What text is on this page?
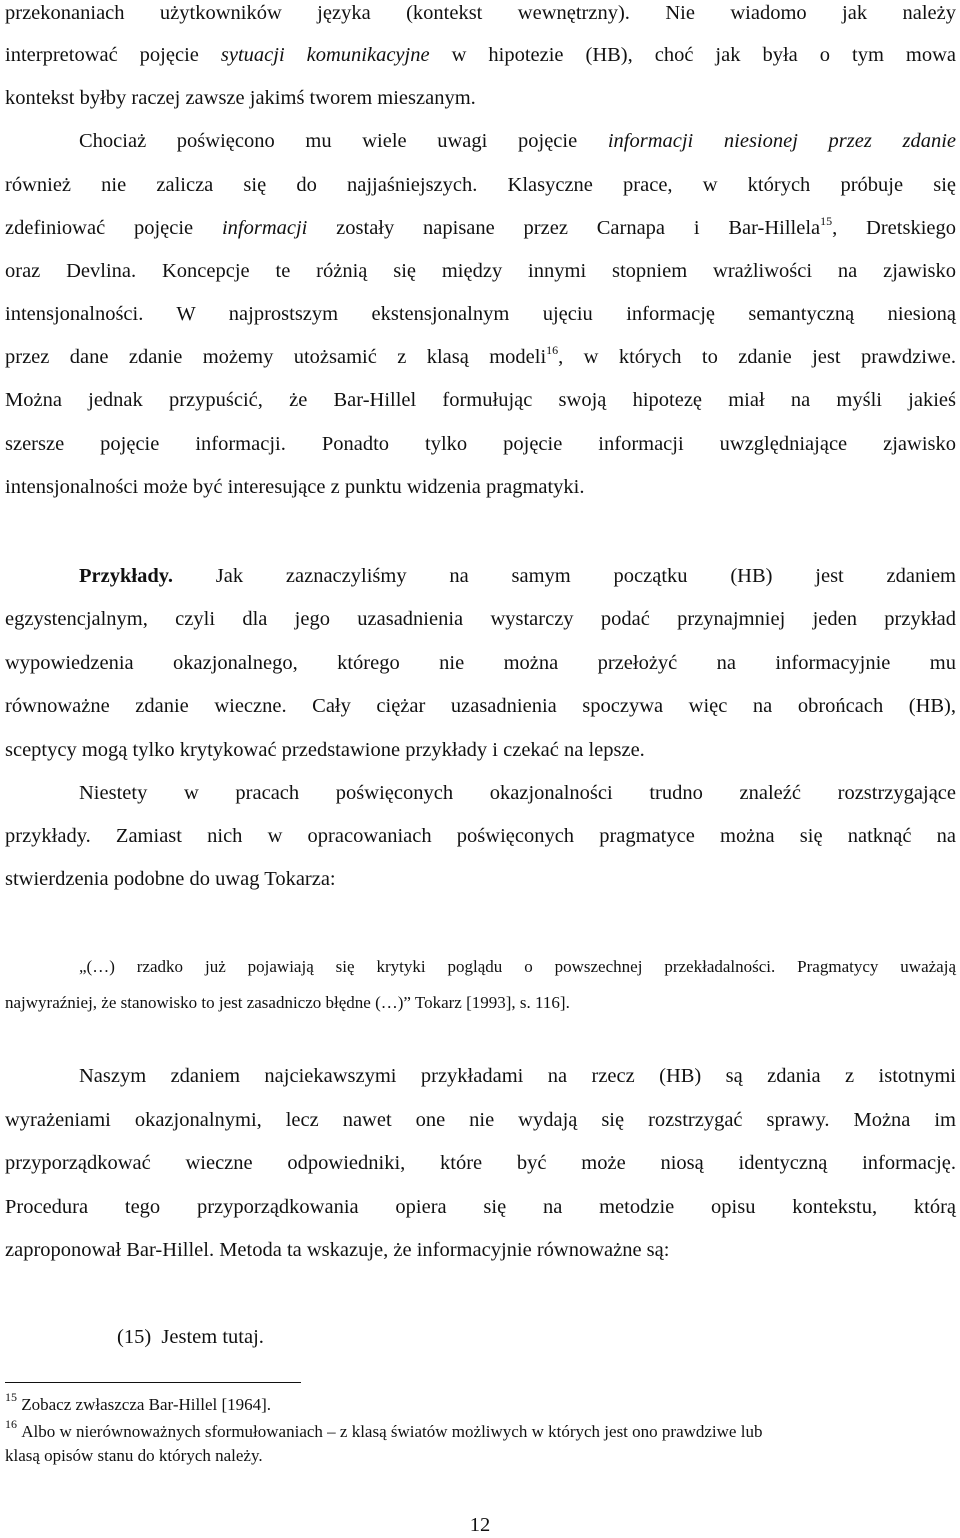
przekonaniach użytkowników języka (kontekst wewnętrzny). Nie wiadomo jak należy
interpretować pojęcie sytuacji komunikacyjne w hipotezie (HB), choć jak była o tym mowa
kontekst byłby raczej zawsze jakimś tworem mieszanym.
Chociaż poświęcono mu wiele uwagi pojęcie informacji niesionej przez zdanie
również nie zalicza się do najjaśniejszych. Klasyczne prace, w których próbuje się
zdefiniować pojęcie informacji zostały napisane przez Carnapa i Bar-Hillela$^{15}$, Dretskiego
oraz Devlina. Koncepcje te różnią się między innymi stopniem wrażliwości na zjawisko
intensjonalności. W najprostszym ekstensjonalnym ujęciu informację semantyczną niesioną
przez dane zdanie możemy utożsamić z klasą modeli$^{16}$, w których to zdanie jest prawdziwe.
Można jednak przypuścić, że Bar-Hillel formułując swoją hipotezę miał na myśli jakieś
szersze pojęcie informacji. Ponadto tylko pojęcie informacji uwzględniające zjawisko
intensjonalności może być interesujące z punktu widzenia pragmatyki.
Przykłady. Jak zaznaczyliśmy na samym początku (HB) jest zdaniem
egzystencjalnym, czyli dla jego uzasadnienia wystarczy podać przynajmniej jeden przykład
wypowiedzenia okazjonalnego, którego nie można przełożyć na informacyjnie mu
równoważne zdanie wieczne. Cały ciężar uzasadnienia spoczywa więc na obrońcach (HB),
sceptycy mogą tylko krytykować przedstawione przykłady i czekać na lepsze.
Niestety w pracach poświęconych okazjonalności trudno znaleźć rozstrzygające
przykłady. Zamiast nich w opracowaniach poświęconych pragmatyce można się natknąć na
stwierdzenia podobne do uwag Tokarza:
„(…) rzadko już pojawiają się krytyki poglądu o powszechnej przekładalności. Pragmatycy uważają
najwyraźniej, że stanowisko to jest zasadniczo błędne (…)” Tokarz [1993], s. 116].
Naszym zdaniem najciekawszymi przykładami na rzecz (HB) są zdania z istotnymi
wyrażeniami okazjonalnymi, lecz nawet one nie wydają się rozstrzygać sprawy. Można im
przyporządkować wieczne odpowiedniki, które być może niosą identyczną informację.
Procedura tego przyporządkowania opiera się na metodzie opisu kontekstu, którą
zaproponował Bar-Hillel. Metoda ta wskazuje, że informacyjnie równoważne są:
(15) Jestem tutaj.
$^{15}$ Zobacz zwłaszcza Bar-Hillel [1964].
$^{16}$ Albo w nierównoważnych sformułowaniach – z klasą światów możliwych w których jest ono prawdziwe lub
klasą opisów stanu do których należy.
12
